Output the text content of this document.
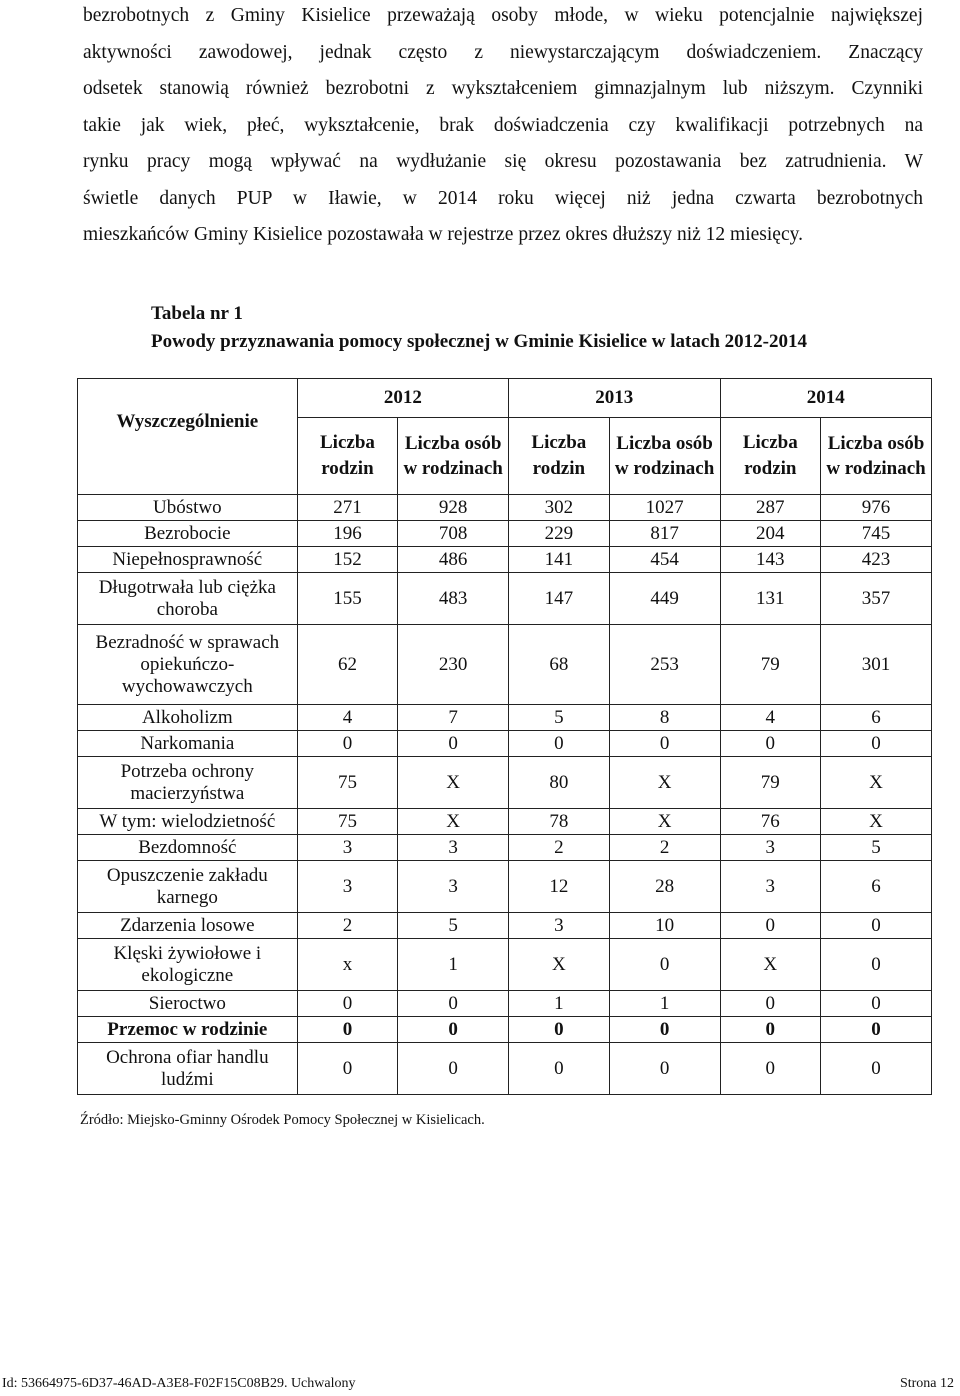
bezrobotnych z Gminy Kisielice przeważają osoby młode, w wieku potencjalnie największej
aktywności zawodowej, jednak często z niewystarczającym doświadczeniem. Znaczący
odsetek stanowią również bezrobotni z wykształceniem gimnazjalnym lub niższym. Czynniki
takie jak wiek, płeć, wykształcenie, brak doświadczenia czy kwalifikacji potrzebnych na
rynku pracy mogą wpływać na wydłużanie się okresu pozostawania bez zatrudnienia. W
świetle danych PUP w Iławie, w 2014 roku więcej niż jedna czwarta bezrobotnych
mieszkańców Gminy Kisielice pozostawała w rejestrze przez okres dłuższy niż 12 miesięcy.
Tabela nr 1
Powody przyznawania pomocy społecznej w Gminie Kisielice w latach 2012-2014
Wyszczególnienie	2012		2013		2014	
	Liczba rodzin	Liczba osób w rodzinach	Liczba rodzin	Liczba osób w rodzinach	Liczba rodzin	Liczba osób w rodzinach
Ubóstwo	271	928	302	1027	287	976
Bezrobocie	196	708	229	817	204	745
Niepełnosprawność	152	486	141	454	143	423
Długotrwała lub ciężka choroba	155	483	147	449	131	357
Bezradność w sprawach opiekuńczo-wychowawczych	62	230	68	253	79	301
Alkoholizm	4	7	5	8	4	6
Narkomania	0	0	0	0	0	0
Potrzeba ochrony macierzyństwa	75	X	80	X	79	X
W tym: wielodzietność	75	X	78	X	76	X
Bezdomność	3	3	2	2	3	5
Opuszczenie zakładu karnego	3	3	12	28	3	6
Zdarzenia losowe	2	5	3	10	0	0
Klęski żywiołowe i ekologiczne	x	1	X	0	X	0
Sieroctwo	0	0	1	1	0	0
Przemoc w rodzinie	0	0	0	0	0	0
Ochrona ofiar handlu ludźmi	0	0	0	0	0	0
Źródło: Miejsko-Gminny Ośrodek Pomocy Społecznej w Kisielicach.
Id: 53664975-6D37-46AD-A3E8-F02F15C08B29. Uchwalony	Strona 12
